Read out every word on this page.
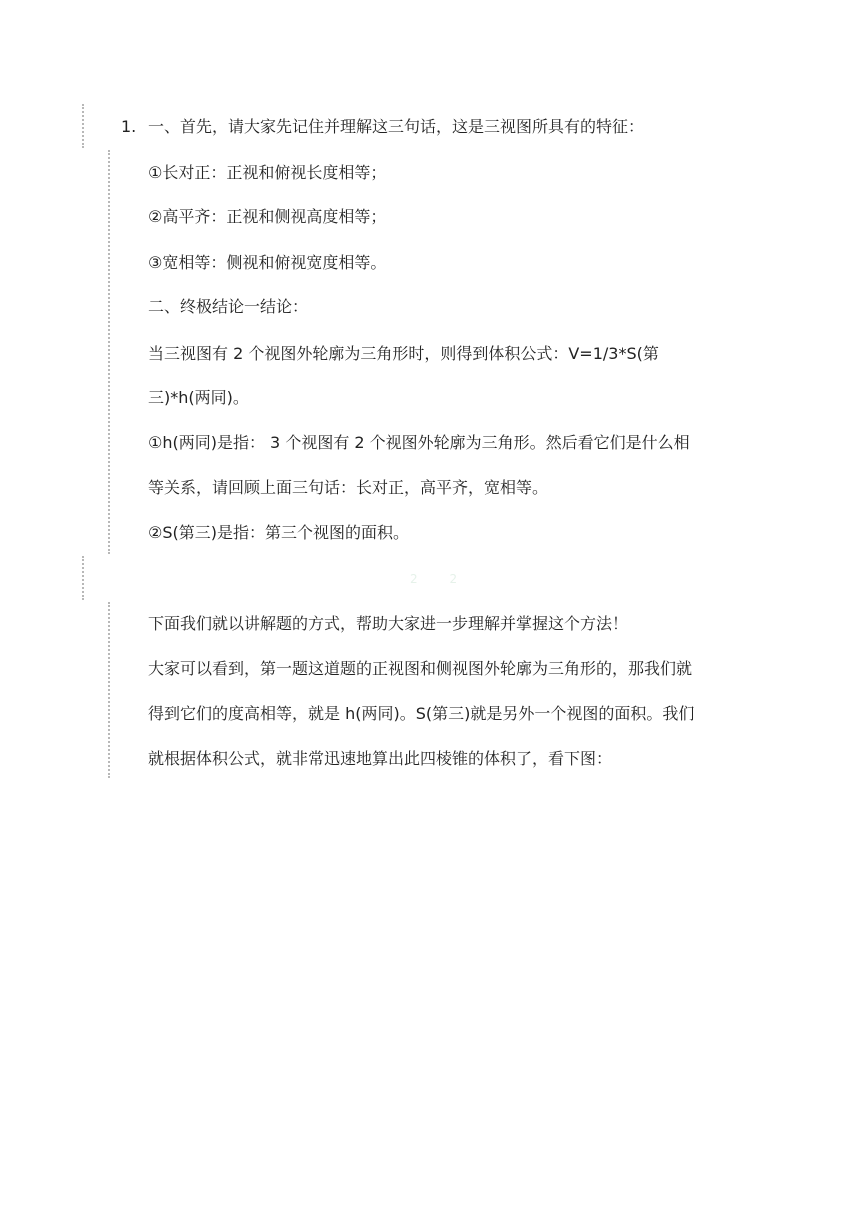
1. 一、首先，请大家先记住并理解这三句话，这是三视图所具有的特征：
①长对正：正视和俯视长度相等；
②高平齐：正视和侧视高度相等；
③宽相等：侧视和俯视宽度相等。
二、终极结论一结论：
当三视图有 2 个视图外轮廓为三角形时，则得到体积公式：V=1/3*S(第
三)*h(两同)。
①h(两同)是指： 3 个视图有 2 个视图外轮廓为三角形。然后看它们是什么相
等关系，请回顾上面三句话：长对正，高平齐，宽相等。
②S(第三)是指：第三个视图的面积。
2 2
下面我们就以讲解题的方式，帮助大家进一步理解并掌握这个方法！
大家可以看到，第一题这道题的正视图和侧视图外轮廓为三角形的，那我们就
得到它们的度高相等，就是 h(两同)。S(第三)就是另外一个视图的面积。我们
就根据体积公式，就非常迅速地算出此四棱锥的体积了，看下图：
